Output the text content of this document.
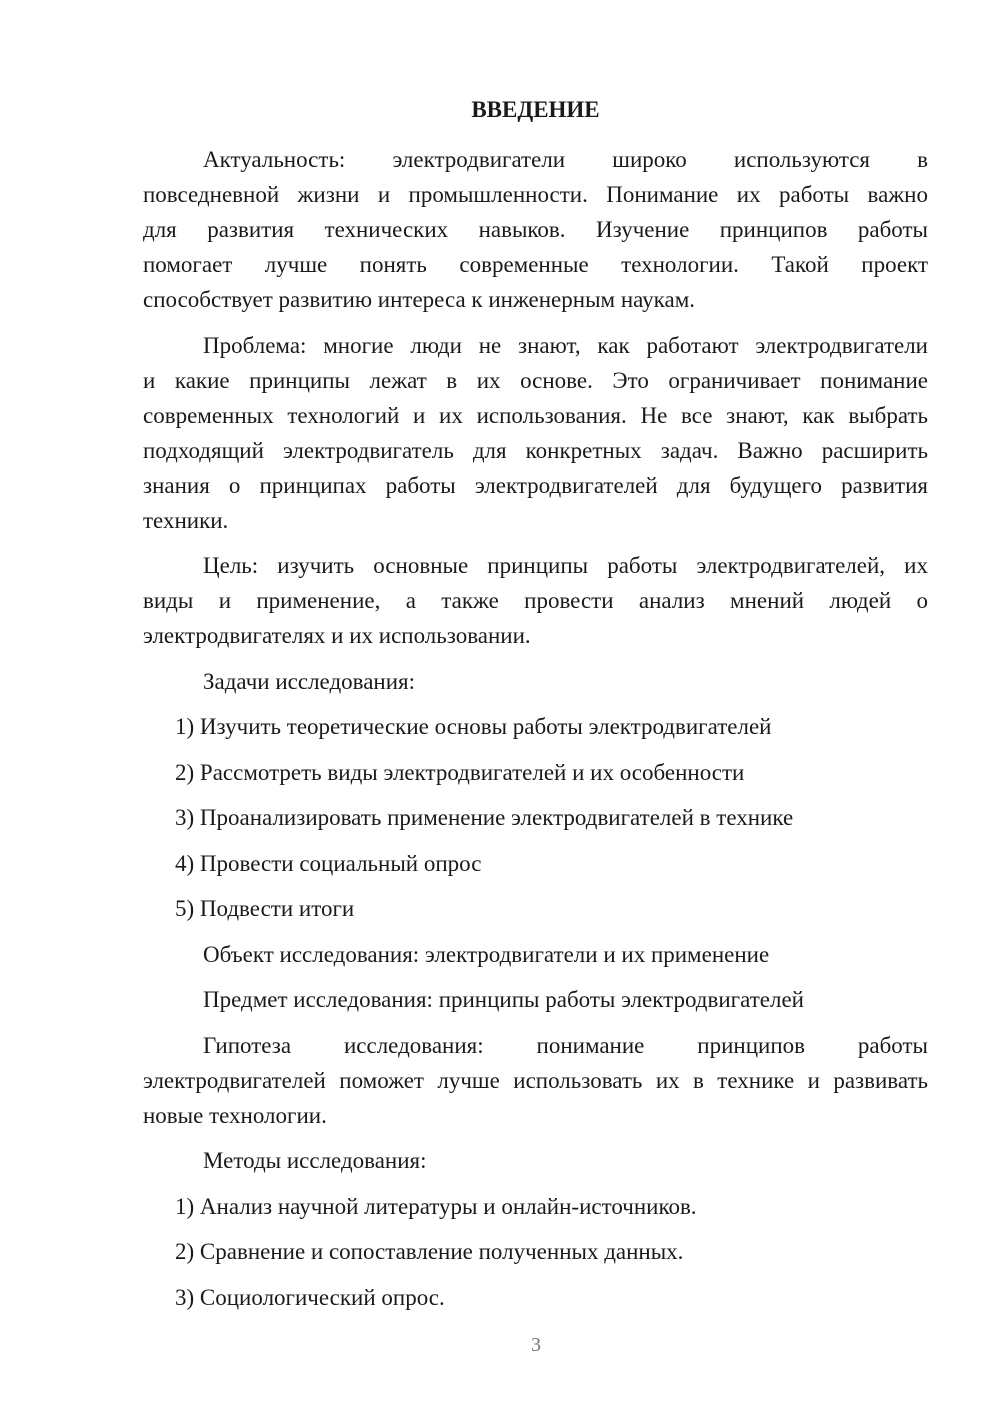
ВВЕДЕНИЕ
Актуальность: электродвигатели широко используются в
повседневной жизни и промышленности. Понимание их работы важно
для развития технических навыков. Изучение принципов работы
помогает лучше понять современные технологии. Такой проект
способствует развитию интереса к инженерным наукам.
Проблема: многие люди не знают, как работают электродвигатели
и какие принципы лежат в их основе. Это ограничивает понимание
современных технологий и их использования. Не все знают, как выбрать
подходящий электродвигатель для конкретных задач. Важно расширить
знания о принципах работы электродвигателей для будущего развития
техники.
Цель: изучить основные принципы работы электродвигателей, их
виды и применение, а также провести анализ мнений людей о
электродвигателях и их использовании.
Задачи исследования:
1) Изучить теоретические основы работы электродвигателей
2) Рассмотреть виды электродвигателей и их особенности
3) Проанализировать применение электродвигателей в технике
4) Провести социальный опрос
5) Подвести итоги
Объект исследования: электродвигатели и их применение
Предмет исследования: принципы работы электродвигателей
Гипотеза исследования: понимание принципов работы
электродвигателей поможет лучше использовать их в технике и развивать
новые технологии.
Методы исследования:
1) Анализ научной литературы и онлайн-источников.
2) Сравнение и сопоставление полученных данных.
3) Социологический опрос.
3
